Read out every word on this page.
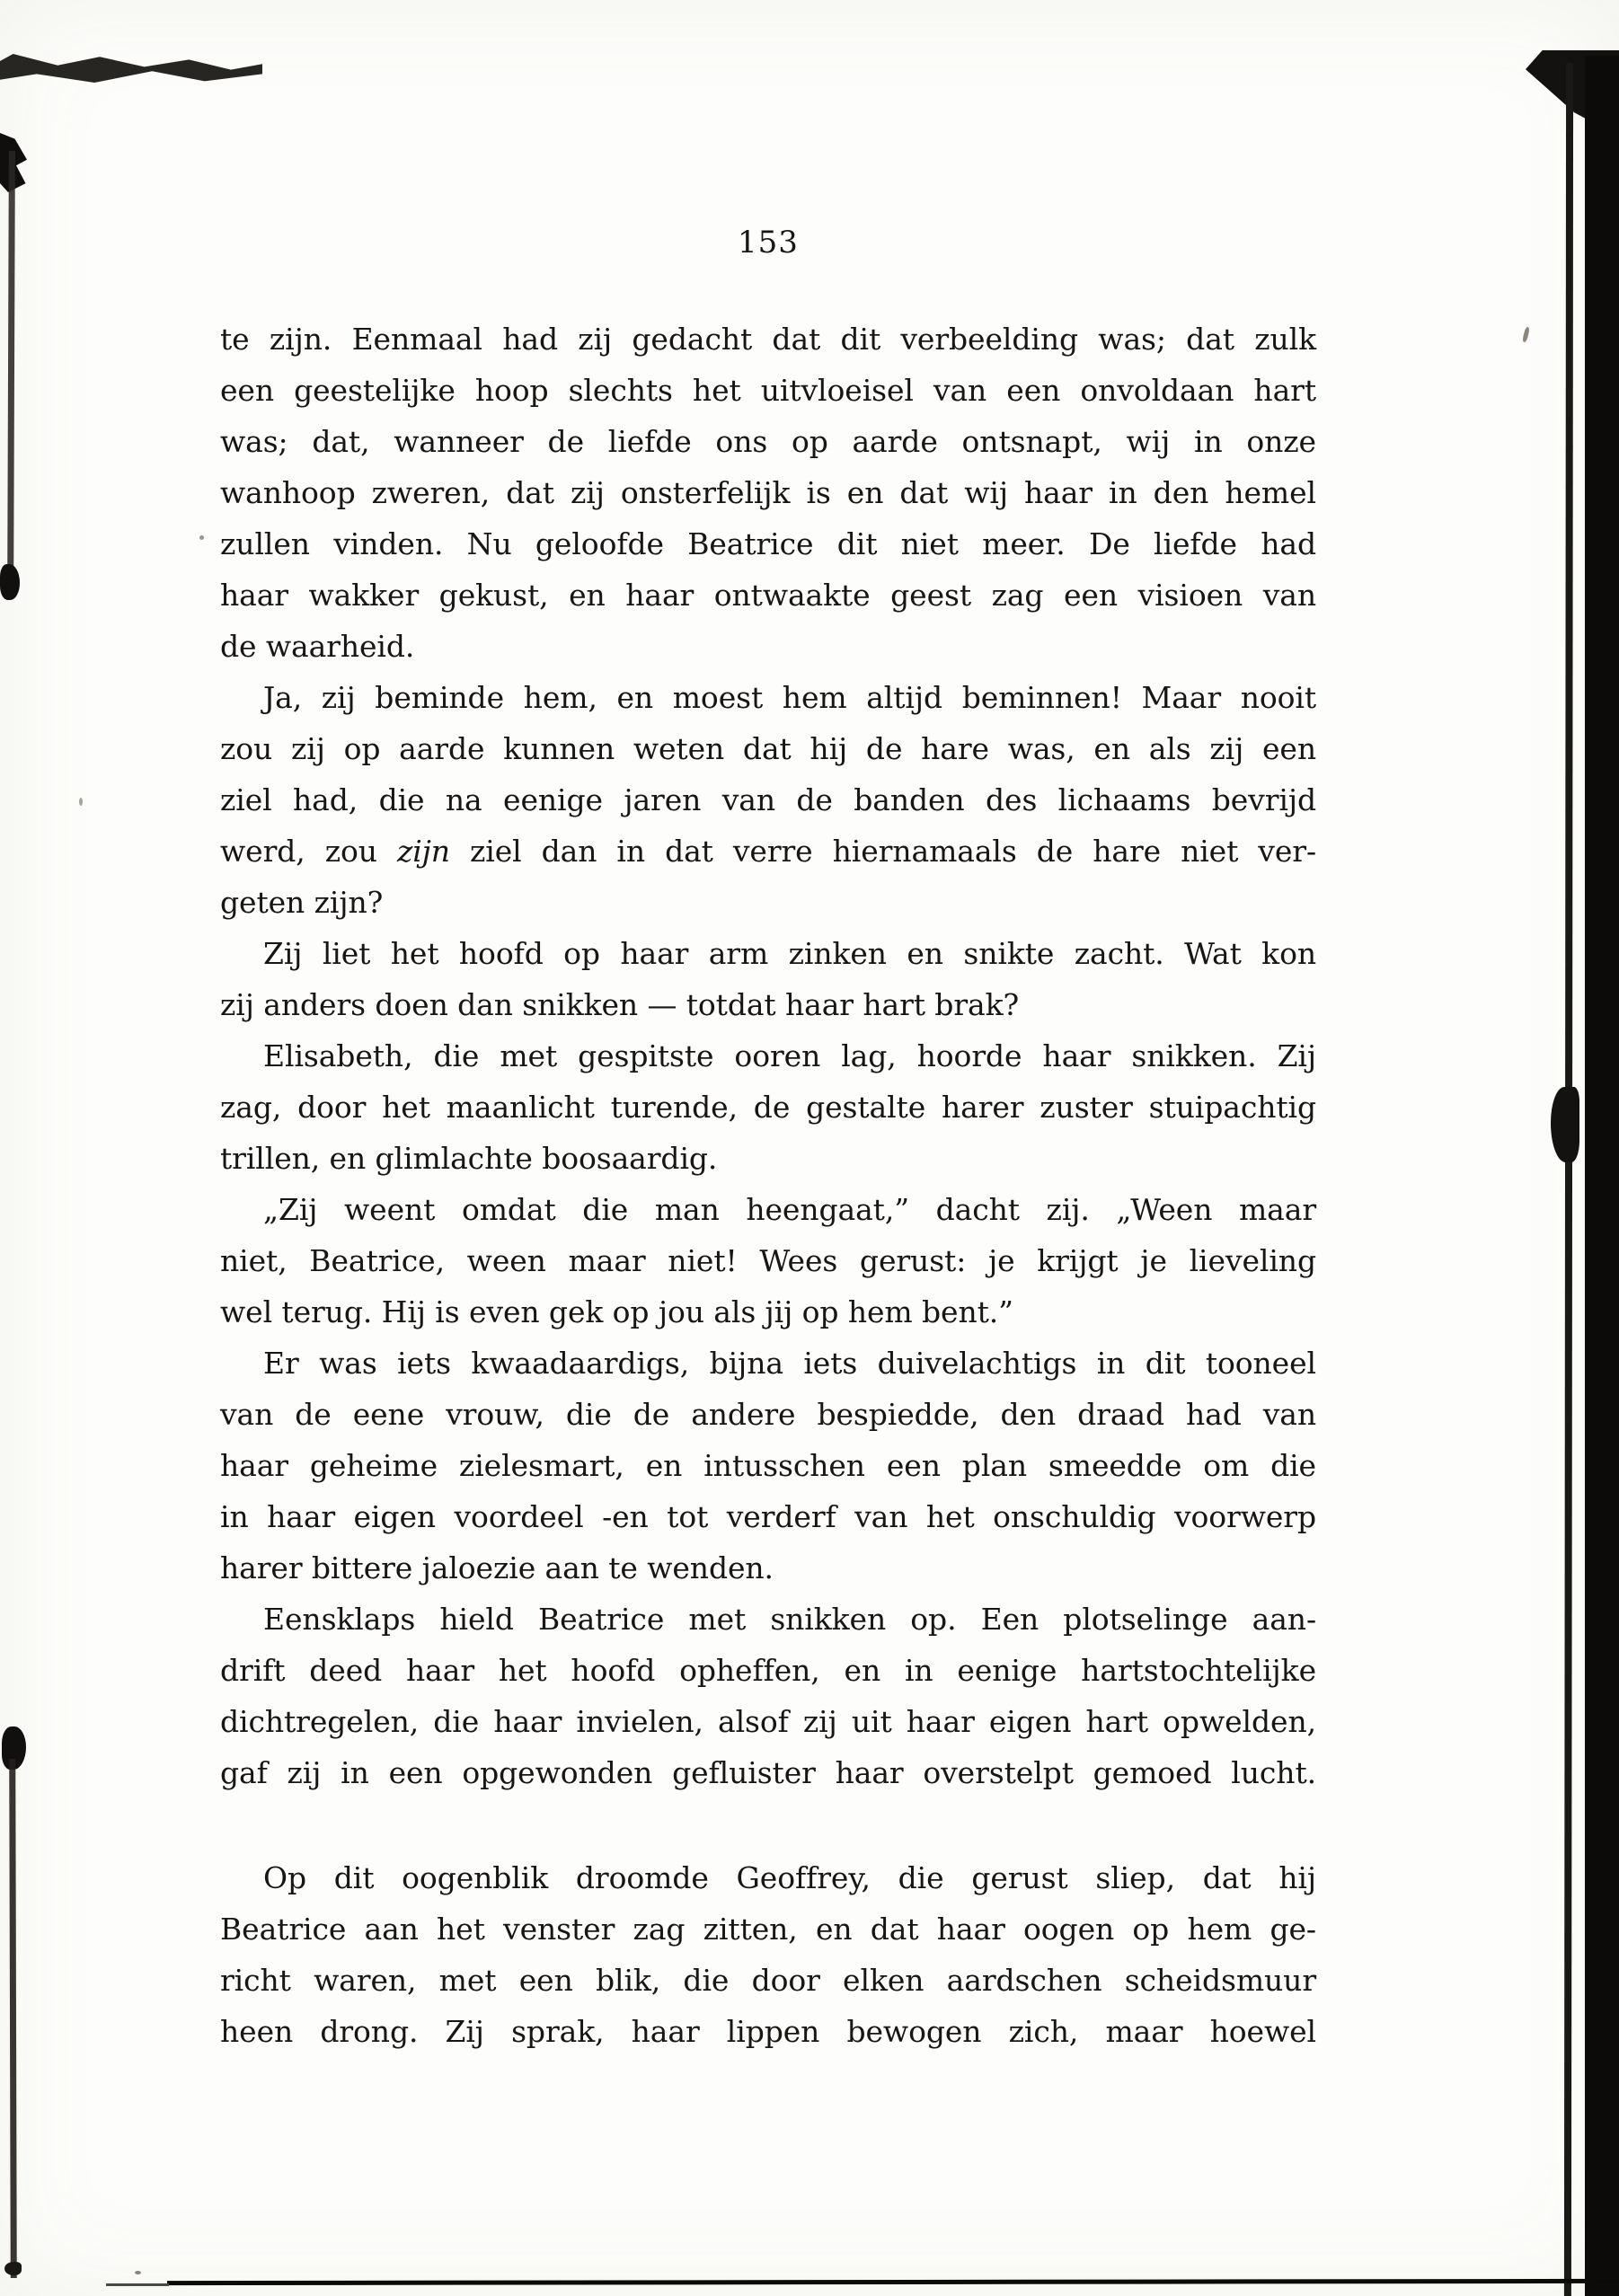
153
te zijn. Eenmaal had zij gedacht dat dit verbeelding was; dat zulk
een geestelijke hoop slechts het uitvloeisel van een onvoldaan hart
was; dat, wanneer de liefde ons op aarde ontsnapt, wij in onze
wanhoop zweren, dat zij onsterfelijk is en dat wij haar in den hemel
zullen vinden. Nu geloofde Beatrice dit niet meer. De liefde had
haar wakker gekust, en haar ontwaakte geest zag een visioen van
de waarheid.
Ja, zij beminde hem, en moest hem altijd beminnen! Maar nooit
zou zij op aarde kunnen weten dat hij de hare was, en als zij een
ziel had, die na eenige jaren van de banden des lichaams bevrijd
werd, zou zijn ziel dan in dat verre hiernamaals de hare niet ver-
geten zijn?
Zij liet het hoofd op haar arm zinken en snikte zacht. Wat kon
zij anders doen dan snikken — totdat haar hart brak?
Elisabeth, die met gespitste ooren lag, hoorde haar snikken. Zij
zag, door het maanlicht turende, de gestalte harer zuster stuipachtig
trillen, en glimlachte boosaardig.
„Zij weent omdat die man heengaat,” dacht zij. „Ween maar
niet, Beatrice, ween maar niet! Wees gerust: je krijgt je lieveling
wel terug. Hij is even gek op jou als jij op hem bent.”
Er was iets kwaadaardigs, bijna iets duivelachtigs in dit tooneel
van de eene vrouw, die de andere bespiedde, den draad had van
haar geheime zielesmart, en intusschen een plan smeedde om die
in haar eigen voordeel -en tot verderf van het onschuldig voorwerp
harer bittere jaloezie aan te wenden.
Eensklaps hield Beatrice met snikken op. Een plotselinge aan-
drift deed haar het hoofd opheffen, en in eenige hartstochtelijke
dichtregelen, die haar invielen, alsof zij uit haar eigen hart opwelden,
gaf zij in een opgewonden gefluister haar overstelpt gemoed lucht.
Op dit oogenblik droomde Geoffrey, die gerust sliep, dat hij
Beatrice aan het venster zag zitten, en dat haar oogen op hem ge-
richt waren, met een blik, die door elken aardschen scheidsmuur
heen drong. Zij sprak, haar lippen bewogen zich, maar hoewel
